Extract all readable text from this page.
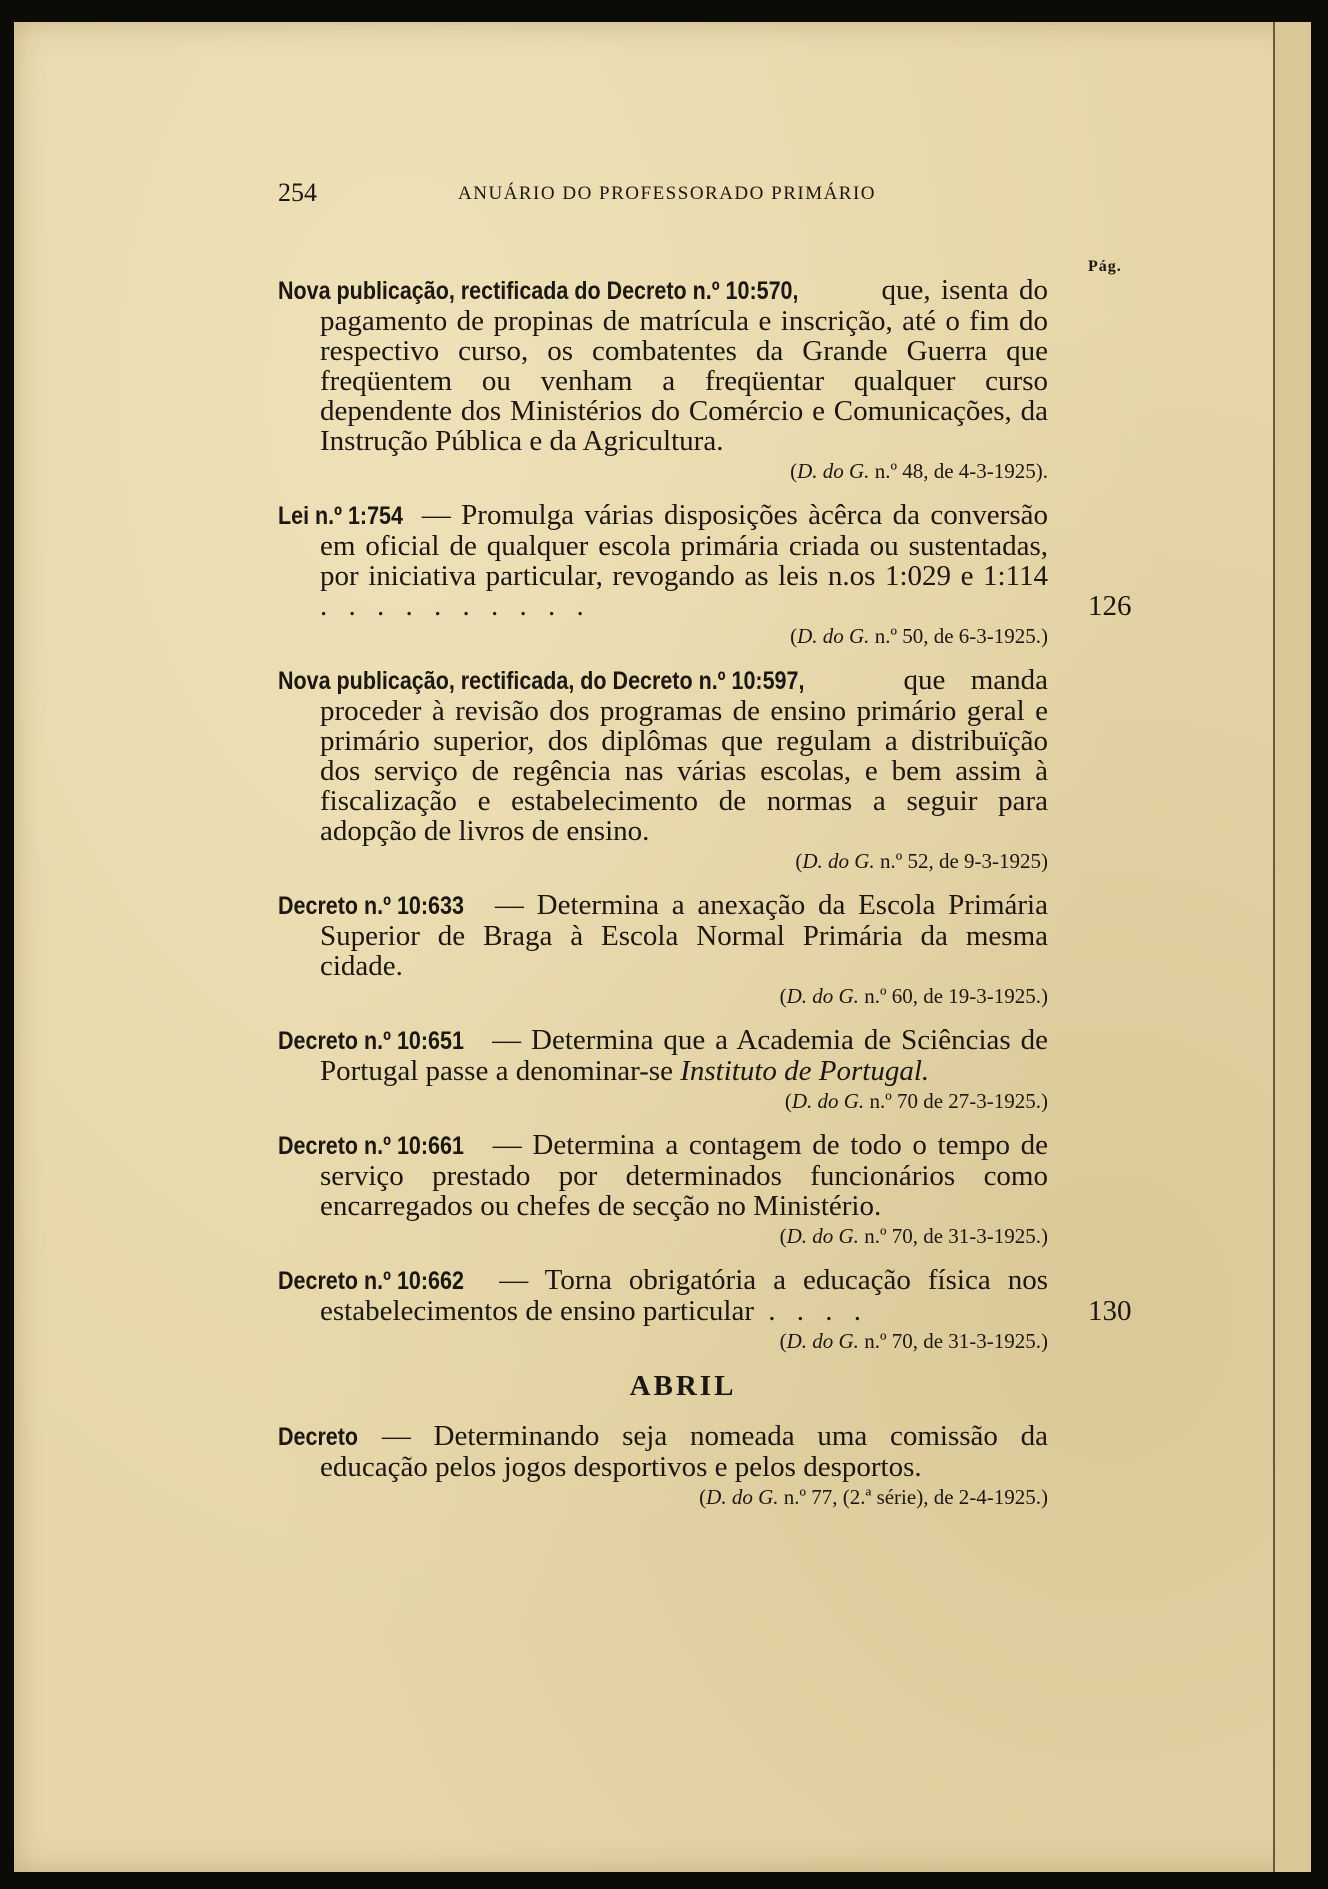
254	ANUÁRIO DO PROFESSORADO PRIMÁRIO
Pág.

Nova publicação, rectificada do Decreto n.º 10:570,	que, isenta do pagamento de propinas de matrícula e inscrição, até o fim do respectivo curso, os combatentes da Grande Guerra que freqüentem ou venham a freqüentar qualquer curso dependente dos Ministérios do Comércio e Comunicações, da Instrução Pública e da Agricultura.

(D. do G. n.º 48, de 4-3-1925).

Lei n.º 1:754 — Promulga várias disposições àcêrca da conversão em oficial de qualquer escola primária criada ou sustentadas, por iniciativa particular, revogando as leis n.os 1:029 e 1:114 . . . . . . . . . .	126
(D. do G. n.º 50, de 6-3-1925.)

Nova publicação, rectificada, do Decreto n.º 10:597,	que manda proceder à revisão dos programas de ensino primário geral e primário superior, dos diplômas que regulam a distribuïção dos serviço de regência nas várias escolas, e bem assim à fiscalização e estabelecimento de normas a seguir para adopção de livros de ensino.

(D. do G. n.º 52, de 9-3-1925)

Decreto n.º 10:633 — Determina a anexação da Escola Primária Superior de Braga à Escola Normal Primária da mesma cidade.

(D. do G. n.º 60, de 19-3-1925.)

Decreto n.º 10:651 — Determina que a Academia de Sciências de Portugal passe a denominar-se Instituto de Portugal.

(D. do G. n.º 70 de 27-3-1925.)

Decreto n.º 10:661 — Determina a contagem de todo o tempo de serviço prestado por determinados funcionários como encarregados ou chefes de secção no Ministério.

(D. do G. n.º 70, de 31-3-1925.)

Decreto n.º 10:662 — Torna obrigatória a educação física nos estabelecimentos de ensino particular . . . .	130
(D. do G. n.º 70, de 31-3-1925.)
ABRIL

Decreto — Determinando seja nomeada uma comissão da educação pelos jogos desportivos e pelos desportos.

(D. do G. n.º 77, (2.ª série), de 2-4-1925.)
